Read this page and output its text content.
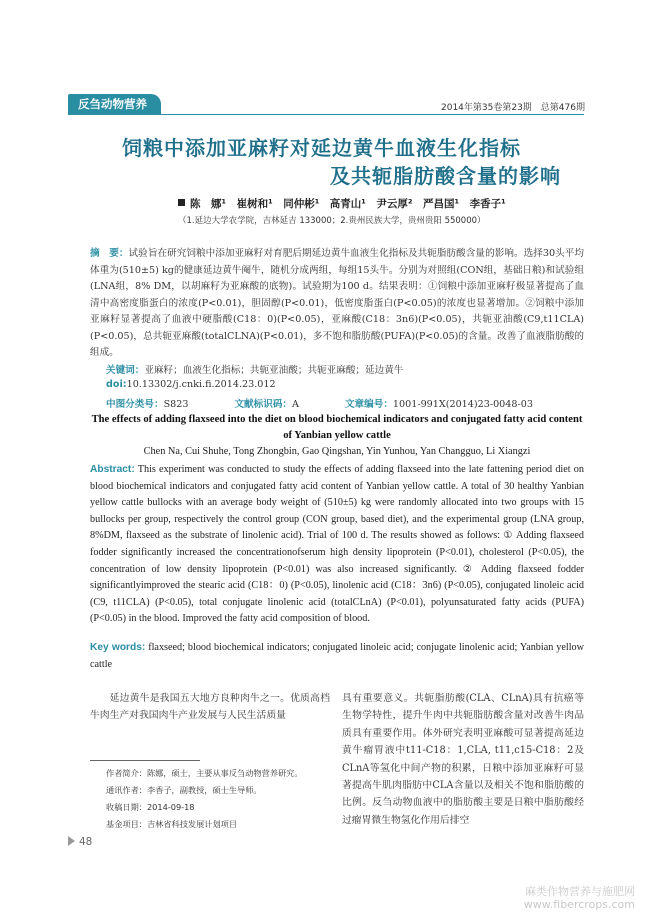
反刍动物营养	2014年第35卷第23期　总第476期
饲粮中添加亚麻籽对延边黄牛血液生化指标
及共轭脂肪酸含量的影响
陈　娜¹　崔树和¹　同仲彬¹　高青山¹　尹云厚²　严昌国¹　李香子¹
（1.延边大学农学院，吉林延吉 133000；2.贵州民族大学，贵州贵阳 550000）
摘　要：试验旨在研究饲粮中添加亚麻籽对育肥后期延边黄牛血液生化指标及共轭脂肪酸含量的影响。选择30头平均体重为(510±5) kg的健康延边黄牛阉牛，随机分成两组，每组15头牛。分别为对照组(CON组，基础日粮)和试验组(LNA组，8% DM，以胡麻籽为亚麻酸的底物)。试验期为100 d。结果表明：①饲粮中添加亚麻籽极显著提高了血清中高密度脂蛋白的浓度(P<0.01)，胆固醇(P<0.01)，低密度脂蛋白(P<0.05)的浓度也显著增加。②饲粮中添加亚麻籽显著提高了血液中硬脂酸(C18：0)(P<0.05)，亚麻酸(C18：3n6)(P<0.05)，共轭亚油酸(C9,t11CLA)(P<0.05)，总共轭亚麻酸(totalCLNA)(P<0.01)，多不饱和脂肪酸(PUFA)(P<0.05)的含量。改善了血液脂肪酸的组成。
关键词：亚麻籽；血液生化指标；共轭亚油酸；共轭亚麻酸；延边黄牛
doi:10.13302/j.cnki.fi.2014.23.012
中图分类号：S823	文献标识码：A	文章编号：1001-991X(2014)23-0048-03
The effects of adding flaxseed into the diet on blood biochemical indicators and conjugated fatty acid content of Yanbian yellow cattle
Chen Na, Cui Shuhe, Tong Zhongbin, Gao Qingshan, Yin Yunhou, Yan Changguo, Li Xiangzi
Abstract: This experiment was conducted to study the effects of adding flaxseed into the late fattening period diet on blood biochemical indicators and conjugated fatty acid content of Yanbian yellow cattle. A total of 30 healthy Yanbian yellow cattle bullocks with an average body weight of (510±5) kg were randomly allocated into two groups with 15 bullocks per group, respectively the control group (CON group, based diet), and the experimental group (LNA group, 8%DM, flaxseed as the substrate of linolenic acid). Trial of 100 d. The results showed as follows: ① Adding flaxseed fodder significantly increased the concentrationofserum high density lipoprotein (P<0.01), cholesterol (P<0.05), the concentration of low density lipoprotein (P<0.01) was also increased significantly. ② Adding flaxseed fodder significantlyimproved the stearic acid (C18：0) (P<0.05), linolenic acid (C18：3n6) (P<0.05), conjugated linoleic acid (C9, t11CLA) (P<0.05), total conjugate linolenic acid (totalCLnA) (P<0.01), polyunsaturated fatty acids (PUFA)(P<0.05) in the blood. Improved the fatty acid composition of blood.
Key words: flaxseed; blood biochemical indicators; conjugated linoleic acid; conjugate linolenic acid; Yanbian yellow cattle
延边黄牛是我国五大地方良种肉牛之一。优质高档牛肉生产对我国肉牛产业发展与人民生活质量
具有重要意义。共轭脂肪酸(CLA、CLnA)具有抗癌等生物学特性，提升牛肉中共轭脂肪酸含量对改善牛肉品质具有重要作用。体外研究表明亚麻酸可显著提高延边黄牛瘤胃液中t11-C18：1,CLA, t11,c15-C18：2及CLnA等氢化中间产物的积累，日粮中添加亚麻籽可显著提高牛肌肉脂肪中CLA含量以及相关不饱和脂肪酸的比例。反刍动物血液中的脂肪酸主要是日粮中脂肪酸经过瘤胃微生物氢化作用后排空
作者简介：陈娜，硕士，主要从事反刍动物营养研究。
通讯作者：李香子，副教授，硕士生导师。
收稿日期：2014-09-18
基金项目：吉林省科技发展计划项目
48
麻类作物营养与施肥网
www.fibercrops.com
